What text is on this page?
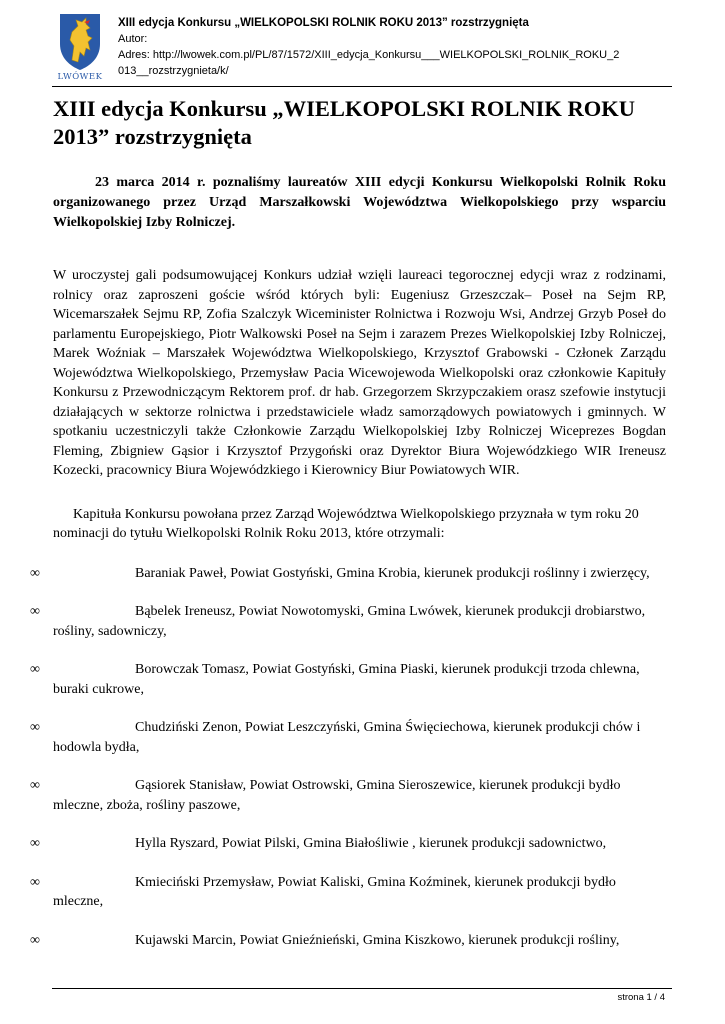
LWÓWEK
XIII edycja Konkursu „WIELKOPOLSKI ROLNIK ROKU 2013” rozstrzygnięta
Autor:
Adres: http://lwowek.com.pl/PL/87/1572/XIII_edycja_Konkursu___WIELKOPOLSKI_ROLNIK_ROKU_2
013__rozstrzygnieta/k/
XIII edycja Konkursu „WIELKOPOLSKI ROLNIK ROKU
2013” rozstrzygnięta

23 marca 2014 r. poznaliśmy laureatów XIII edycji Konkursu Wielkopolski Rolnik Roku organizowanego przez Urząd Marszałkowski Województwa Wielkopolskiego przy wsparciu Wielkopolskiej Izby Rolniczej.

W uroczystej gali podsumowującej Konkurs udział wzięli laureaci tegorocznej edycji wraz z rodzinami, rolnicy oraz zaproszeni goście wśród których byli: Eugeniusz Grzeszczak– Poseł na Sejm RP, Wicemarszałek Sejmu RP, Zofia Szalczyk Wiceminister Rolnictwa i Rozwoju Wsi, Andrzej Grzyb Poseł do parlamentu Europejskiego, Piotr Walkowski Poseł na Sejm i zarazem Prezes Wielkopolskiej Izby Rolniczej, Marek Woźniak – Marszałek Województwa Wielkopolskiego, Krzysztof Grabowski - Członek Zarządu Województwa Wielkopolskiego, Przemysław Pacia Wicewojewoda Wielkopolski oraz członkowie Kapituły Konkursu z Przewodniczącym Rektorem prof. dr hab. Grzegorzem Skrzypczakiem orasz szefowie instytucji działających w sektorze rolnictwa i przedstawiciele władz samorządowych powiatowych i gminnych. W spotkaniu uczestniczyli także Członkowie Zarządu Wielkopolskiej Izby Rolniczej Wiceprezes Bogdan Fleming, Zbigniew Gąsior i Krzysztof Przygoński oraz Dyrektor Biura Wojewódzkiego WIR Ireneusz Kozecki, pracownicy Biura Wojewódzkiego i Kierownicy Biur Powiatowych WIR.

Kapituła Konkursu powołana przez Zarząd Województwa Wielkopolskiego przyznała w tym roku 20 nominacji do tytułu Wielkopolski Rolnik Roku 2013, które otrzymali:

∞	Baraniak Paweł, Powiat Gostyński, Gmina Krobia, kierunek produkcji roślinny i zwierzęcy,
∞	Bąbelek Ireneusz, Powiat Nowotomyski, Gmina Lwówek, kierunek produkcji drobiarstwo, rośliny, sadowniczy,
∞	Borowczak Tomasz, Powiat Gostyński, Gmina Piaski, kierunek produkcji trzoda chlewna, buraki cukrowe,
∞	Chudziński Zenon, Powiat Leszczyński, Gmina Święciechowa, kierunek produkcji chów i hodowla bydła,
∞	Gąsiorek Stanisław, Powiat Ostrowski, Gmina Sieroszewice, kierunek produkcji bydło mleczne, zboża, rośliny paszowe,
∞	Hylla Ryszard, Powiat Pilski, Gmina Białośliwie , kierunek produkcji sadownictwo,
∞	Kmieciński Przemysław, Powiat Kaliski, Gmina Koźminek, kierunek produkcji bydło mleczne,
∞	Kujawski Marcin, Powiat Gnieźnieński, Gmina Kiszkowo, kierunek produkcji rośliny,
strona 1 / 4
